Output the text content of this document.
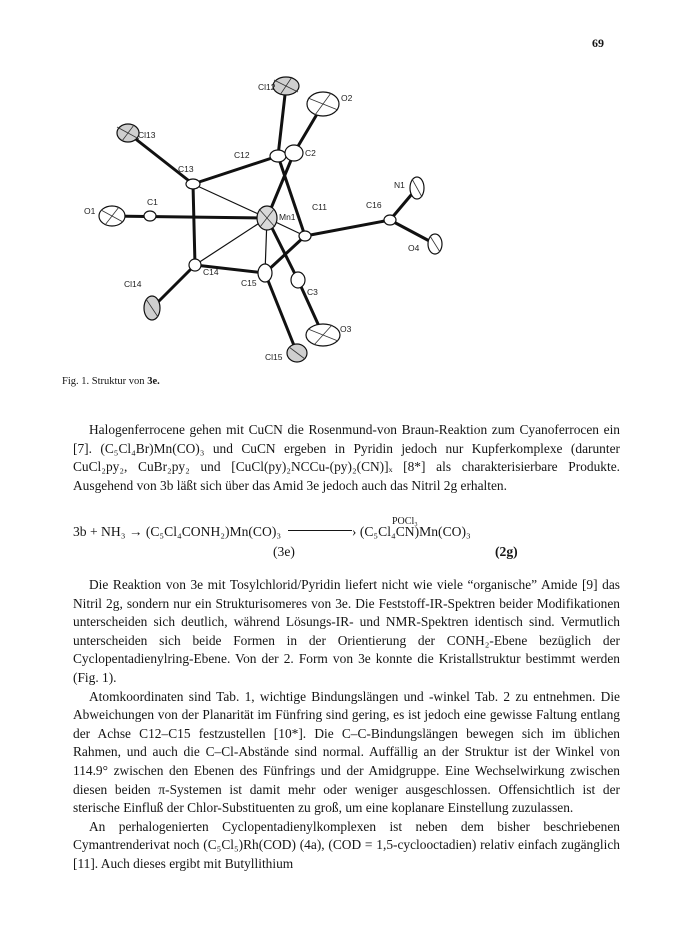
69
Cl12
O2
Cl13
C12	C2
C13
N1
O1
C1
Mn1
C11	C16
O4
C14
Cl14	C15
C3
O3
Cl15
Fig. 1. Struktur von 3e.

Halogenferrocene gehen mit CuCN die Rosenmund-von Braun-Reaktion zum Cyanoferrocen ein [7]. (C₅Cl₄Br)Mn(CO)₃ und CuCN ergeben in Pyridin jedoch nur Kupferkomplexe (darunter CuCl₂py₂, CuBr₂py₂ und [CuCl(py)₂NCCu-(py)₂(CN)]ₓ [8*] als charakterisierbare Produkte. Ausgehend von 3b läßt sich über das Amid 3e jedoch auch das Nitril 2g erhalten.

3b + NH₃ → (C₅Cl₄CONH₂)Mn(CO)₃	› (C₅Cl₄CN)Mn(CO)₃
POCl₃
(3e)	(2g)

Die Reaktion von 3e mit Tosylchlorid/Pyridin liefert nicht wie viele “organische” Amide [9] das Nitril 2g, sondern nur ein Strukturisomeres von 3e. Die Feststoff-IR-Spektren beider Modifikationen unterscheiden sich deutlich, während Lösungs-IR- und NMR-Spektren identisch sind. Vermutlich unterscheiden sich beide Formen in der Orientierung der CONH₂-Ebene bezüglich der Cyclopentadienylring-Ebene. Von der 2. Form von 3e konnte die Kristallstruktur bestimmt werden (Fig. 1).

Atomkoordinaten sind Tab. 1, wichtige Bindungslängen und -winkel Tab. 2 zu entnehmen. Die Abweichungen von der Planarität im Fünfring sind gering, es ist jedoch eine gewisse Faltung entlang der Achse C12–C15 festzustellen [10*]. Die C–C-Bindungslängen bewegen sich im üblichen Rahmen, und auch die C–Cl-Abstände sind normal. Auffällig an der Struktur ist der Winkel von 114.9° zwischen den Ebenen des Fünfrings und der Amidgruppe. Eine Wechselwirkung zwischen diesen beiden π-Systemen ist damit mehr oder weniger ausgeschlossen. Offensichtlich ist der sterische Einfluß der Chlor-Substituenten zu groß, um eine koplanare Einstellung zuzulassen.

An perhalogenierten Cyclopentadienylkomplexen ist neben dem bisher beschriebenen Cymantrenderivat noch (C₅Cl₅)Rh(COD) (4a), (COD = 1,5-cyclooctadien) relativ einfach zugänglich [11]. Auch dieses ergibt mit Butyllithium
